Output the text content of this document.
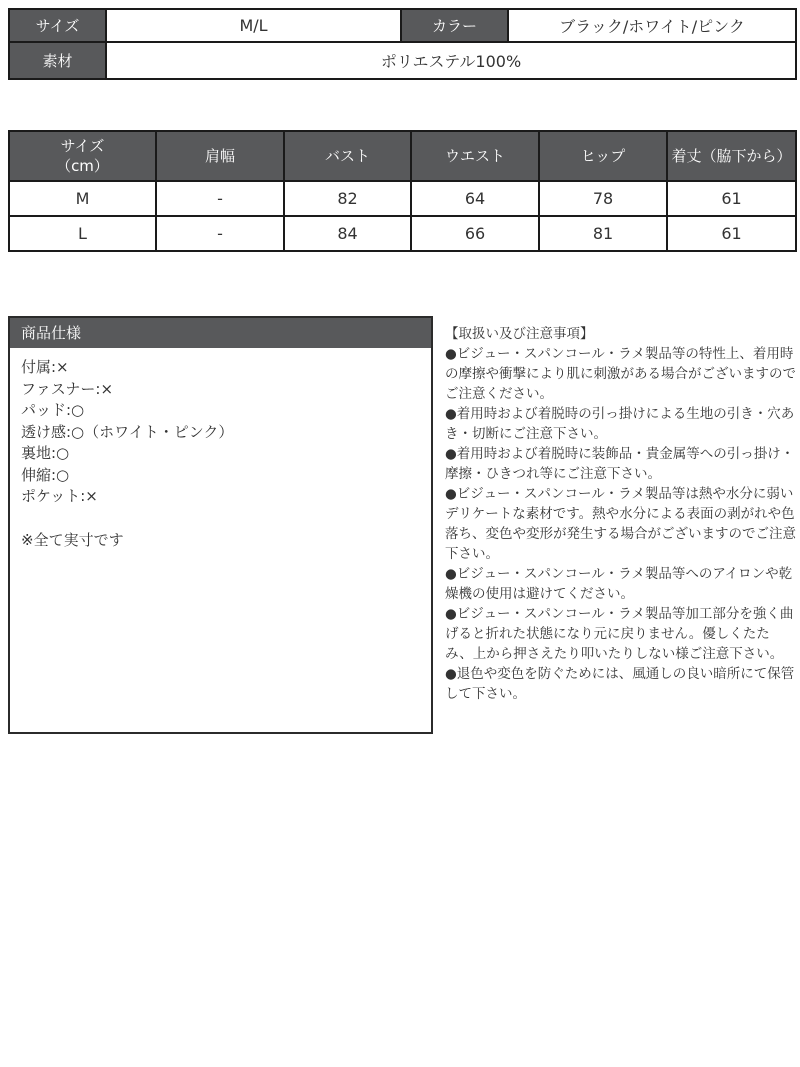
サイズ	M/L	カラー	ブラック/ホワイト/ピンク
素材	ポリエステル100%		
サイズ
（cm）	肩幅	バスト	ウエスト	ヒップ	着丈（脇下から）
M	-	82	64	78	61
L	-	84	66	81	61
商品仕様
付属:×
ファスナー:×
パッド:○
透け感:○（ホワイト・ピンク）
裏地:○
伸縮:○
ポケット:×
※全て実寸です

【取扱い及び注意事項】

●ビジュー・スパンコール・ラメ製品等の特性上、着用時の摩擦や衝撃により肌に刺激がある場合がございますのでご注意ください。

●着用時および着脱時の引っ掛けによる生地の引き・穴あき・切断にご注意下さい。

●着用時および着脱時に装飾品・貴金属等への引っ掛け・摩擦・ひきつれ等にご注意下さい。

●ビジュー・スパンコール・ラメ製品等は熱や水分に弱いデリケートな素材です。熱や水分による表面の剥がれや色落ち、変色や変形が発生する場合がございますのでご注意下さい。

●ビジュー・スパンコール・ラメ製品等へのアイロンや乾燥機の使用は避けてください。

●ビジュー・スパンコール・ラメ製品等加工部分を強く曲げると折れた状態になり元に戻りません。優しくたたみ、上から押さえたり叩いたりしない様ご注意下さい。

●退色や変色を防ぐためには、風通しの良い暗所にて保管して下さい。
